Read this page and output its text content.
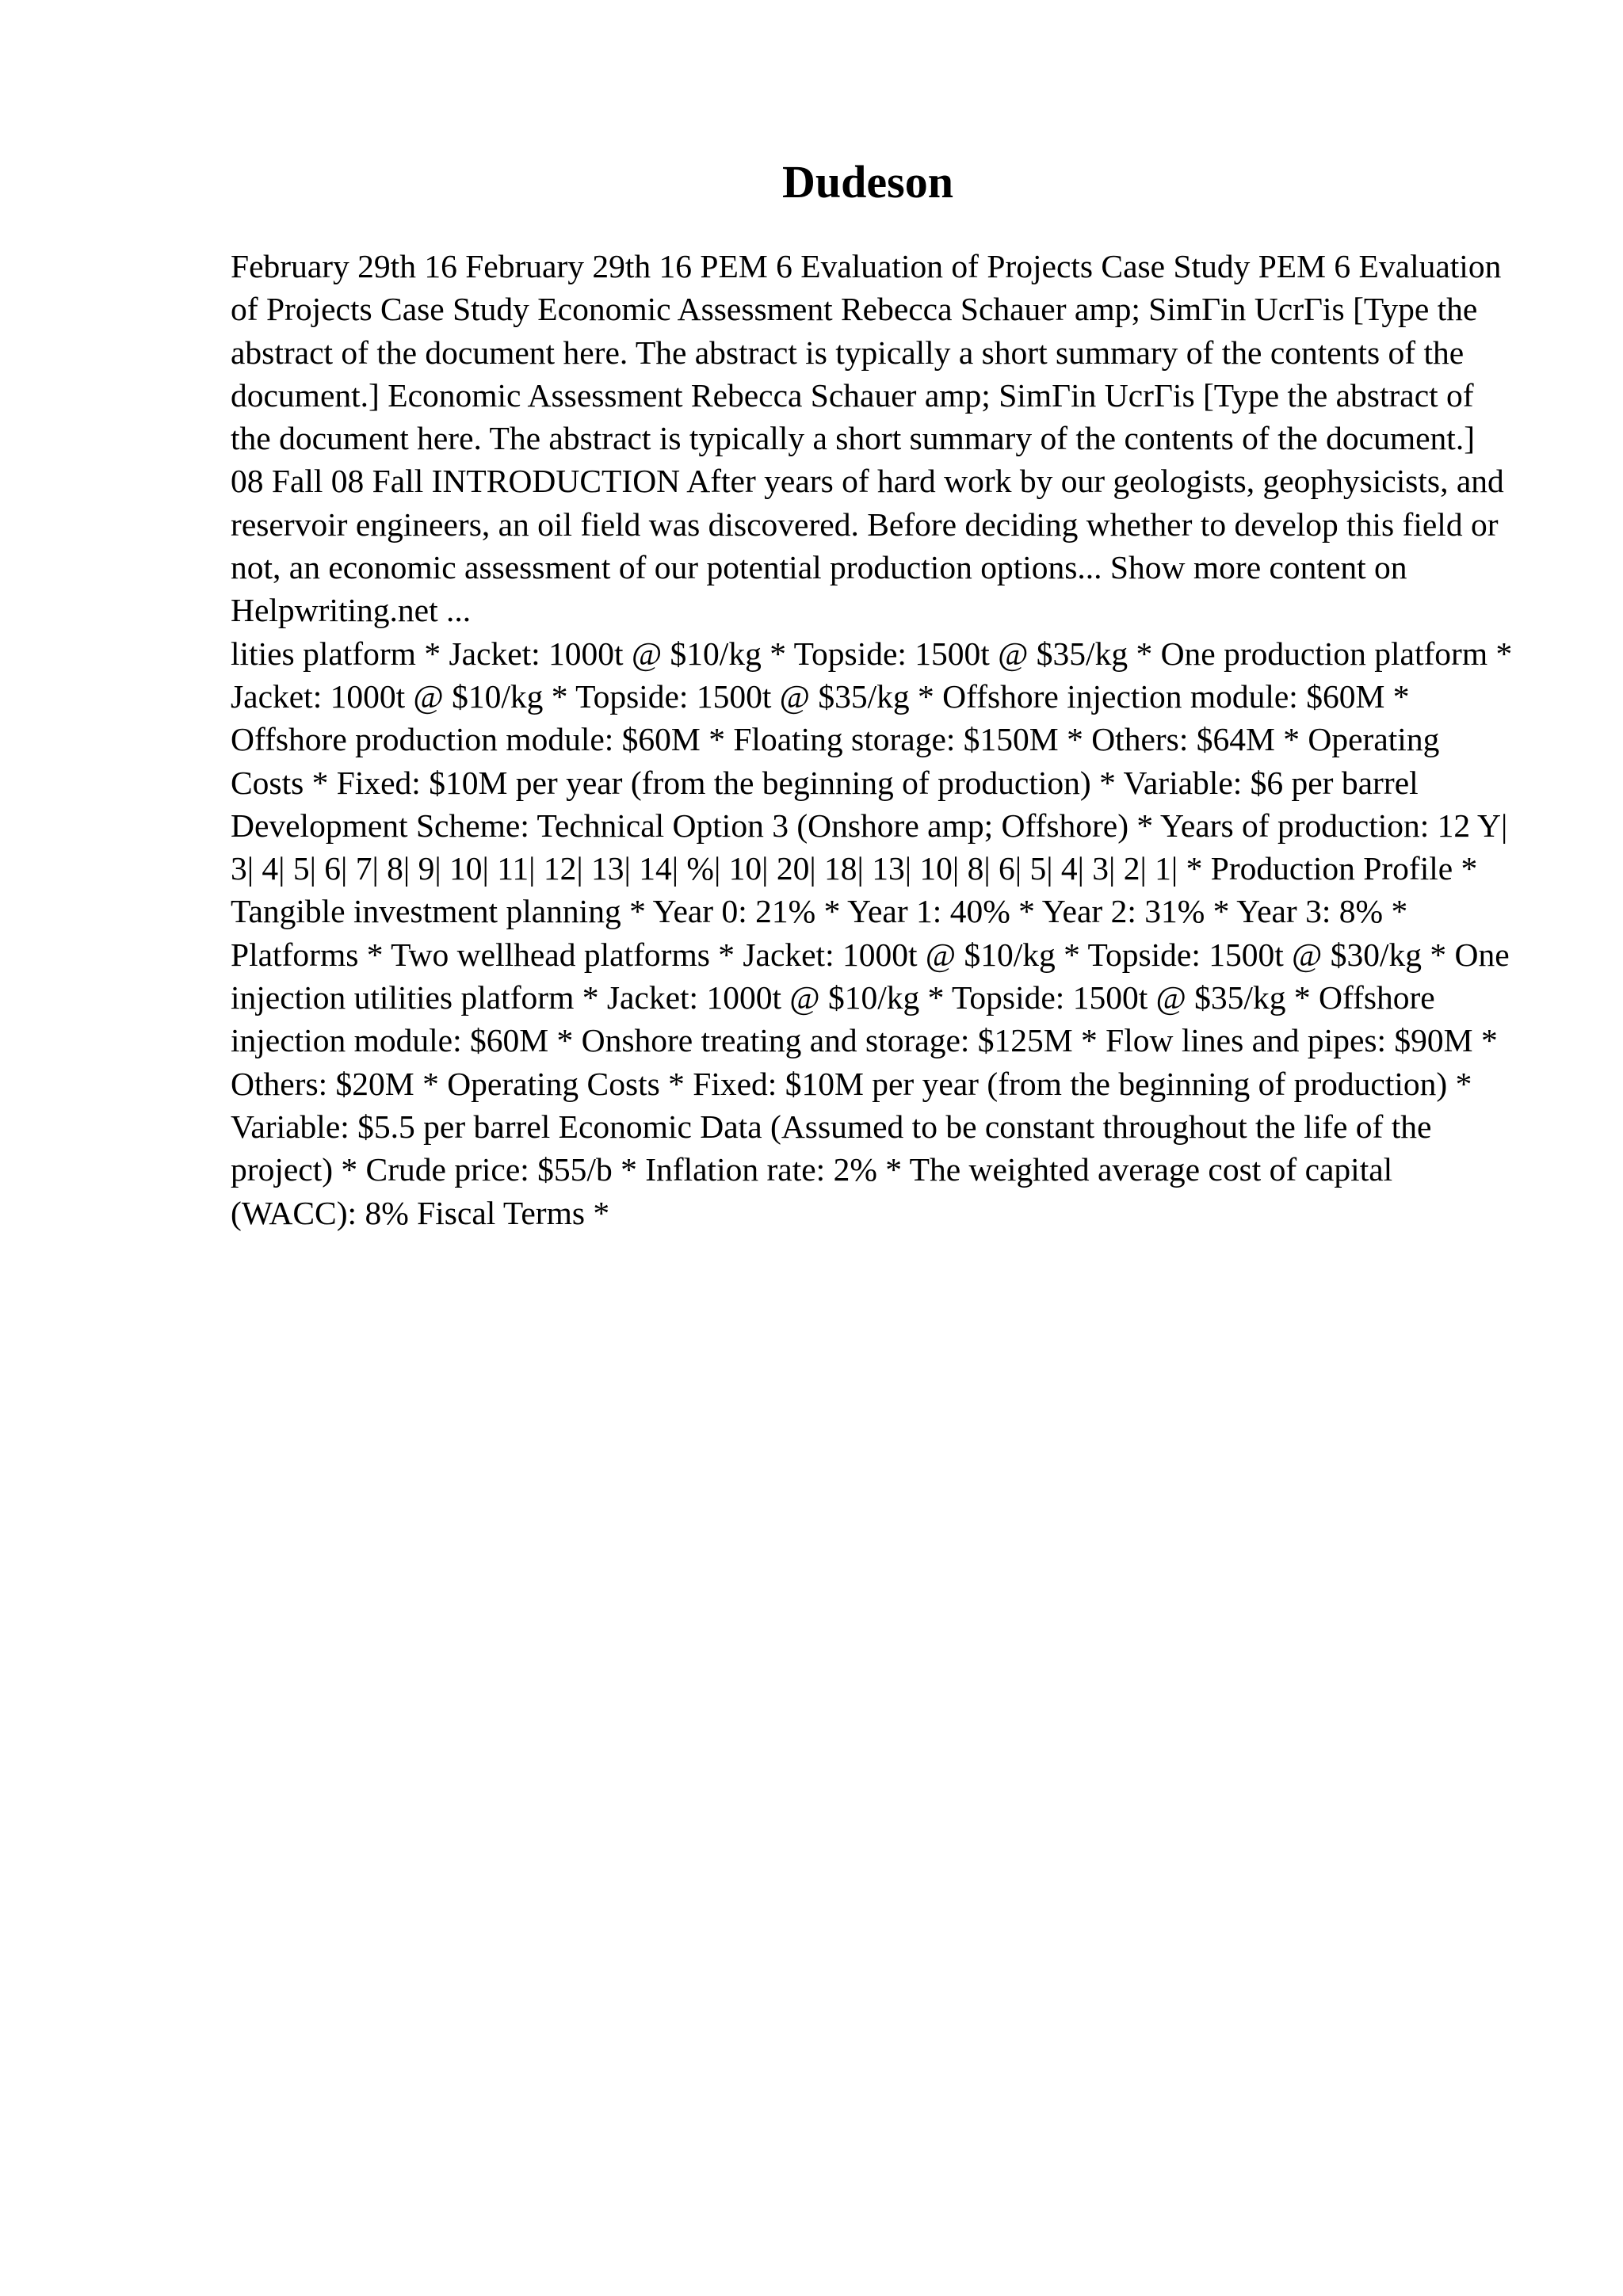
Dudeson

February 29th 16 February 29th 16 PEM 6 Evaluation of Projects Case Study PEM 6 Evaluation of Projects Case Study Economic Assessment Rebecca Schauer amp; SimΓin UcrΓis [Type the abstract of the document here. The abstract is typically a short summary of the contents of the document.] Economic Assessment Rebecca Schauer amp; SimΓin UcrΓis [Type the abstract of the document here. The abstract is typically a short summary of the contents of the document.] 08 Fall 08 Fall INTRODUCTION After years of hard work by our geologists, geophysicists, and reservoir engineers, an oil field was discovered. Before deciding whether to develop this field or not, an economic assessment of our potential production options... Show more content on Helpwriting.net ...

lities platform * Jacket: 1000t @ $10/kg * Topside: 1500t @ $35/kg * One production platform * Jacket: 1000t @ $10/kg * Topside: 1500t @ $35/kg * Offshore injection module: $60M * Offshore production module: $60M * Floating storage: $150M * Others: $64M * Operating Costs * Fixed: $10M per year (from the beginning of production) * Variable: $6 per barrel Development Scheme: Technical Option 3 (Onshore amp; Offshore) * Years of production: 12 Y| 3| 4| 5| 6| 7| 8| 9| 10| 11| 12| 13| 14| %| 10| 20| 18| 13| 10| 8| 6| 5| 4| 3| 2| 1| * Production Profile * Tangible investment planning * Year 0: 21% * Year 1: 40% * Year 2: 31% * Year 3: 8% * Platforms * Two wellhead platforms * Jacket: 1000t @ $10/kg * Topside: 1500t @ $30/kg * One injection utilities platform * Jacket: 1000t @ $10/kg * Topside: 1500t @ $35/kg * Offshore injection module: $60M * Onshore treating and storage: $125M * Flow lines and pipes: $90M * Others: $20M * Operating Costs * Fixed: $10M per year (from the beginning of production) * Variable: $5.5 per barrel Economic Data (Assumed to be constant throughout the life of the project) * Crude price: $55/b * Inflation rate: 2% * The weighted average cost of capital (WACC): 8% Fiscal Terms *
